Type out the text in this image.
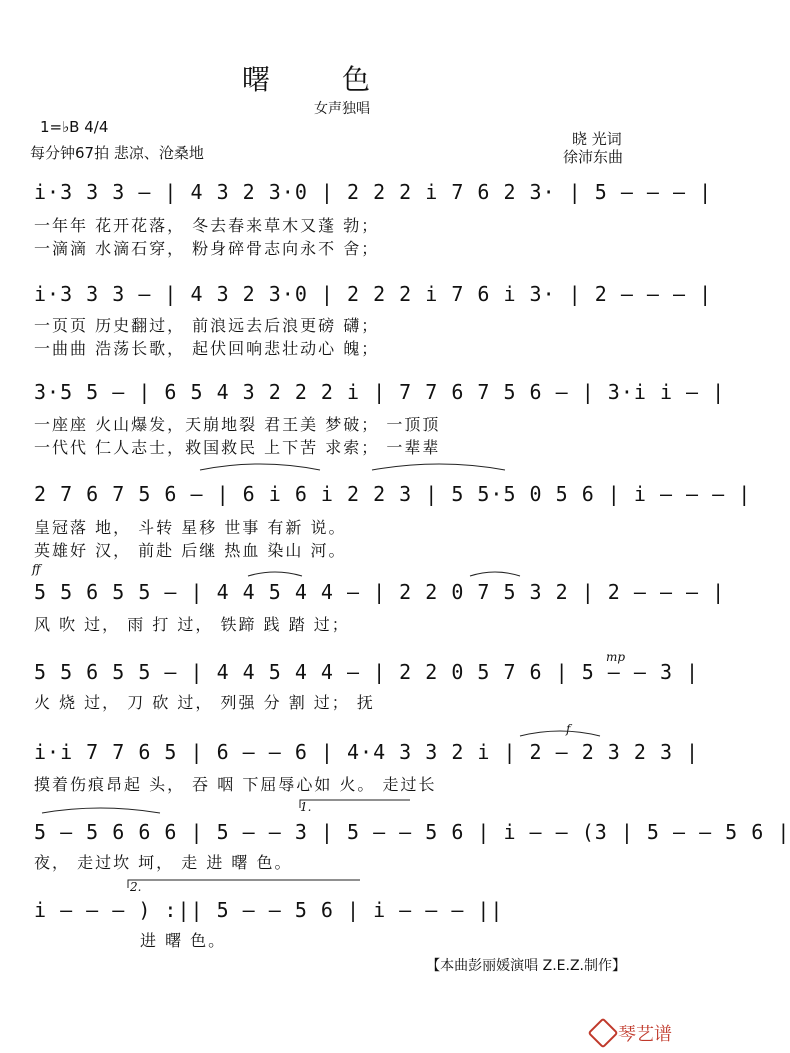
曙色
女声独唱
1=♭B 4/4
每分钟67拍 悲凉、沧桑地
晓 光词
徐沛东曲
i·3 3 3 – | 4 3 2 3·0 | 2 2 2 i 7 6 2 3· | 5 – – – |
一年年 花开花落， 冬去春来草木又蓬 勃；
一滴滴 水滴石穿， 粉身碎骨志向永不 舍；
i·3 3 3 – | 4 3 2 3·0 | 2 2 2 i 7 6 i 3· | 2 – – – |
一页页 历史翻过， 前浪远去后浪更磅 礴；
一曲曲 浩荡长歌， 起伏回响悲壮动心 魄；
3·5 5 – | 6 5 4 3 2 2 2 i | 7 7 6 7 5 6 – | 3·i i – |
一座座 火山爆发，天崩地裂 君王美 梦破； 一顶顶
一代代 仁人志士，救国救民 上下苦 求索； 一辈辈
2 7 6 7 5 6 – | 6 i 6 i 2 2 3 | 5 5·5 0 5 6 | i – – – |
皇冠落 地， 斗转 星移 世事 有新 说。
英雄好 汉， 前赴 后继 热血 染山 河。
ff
5 5 6 5 5 – | 4 4 5 4 4 – | 2 2 0 7 5 3 2 | 2 – – – |
风 吹 过， 雨 打 过， 铁蹄 践 踏 过；
mp
5 5 6 5 5 – | 4 4 5 4 4 – | 2 2 0 5 7 6 | 5 – – 3 |
火 烧 过， 刀 砍 过， 列强 分 割 过； 抚
f
i·i 7 7 6 5 | 6 – – 6 | 4·4 3 3 2 i | 2 – 2 3 2 3 |
摸着伤痕昂起 头， 吞 咽 下屈辱心如 火。 走过长
1.
5 – 5 6 6 6 | 5 – – 3 | 5 – – 5 6 | i – – (3 | 5 – – 5 6 |
夜， 走过坎 坷， 走 进 曙 色。
2.
i – – – ) :|| 5 – – 5 6 | i – – – ||
进 曙 色。
【本曲彭丽媛演唱 Z.E.Z.制作】
琴艺谱
